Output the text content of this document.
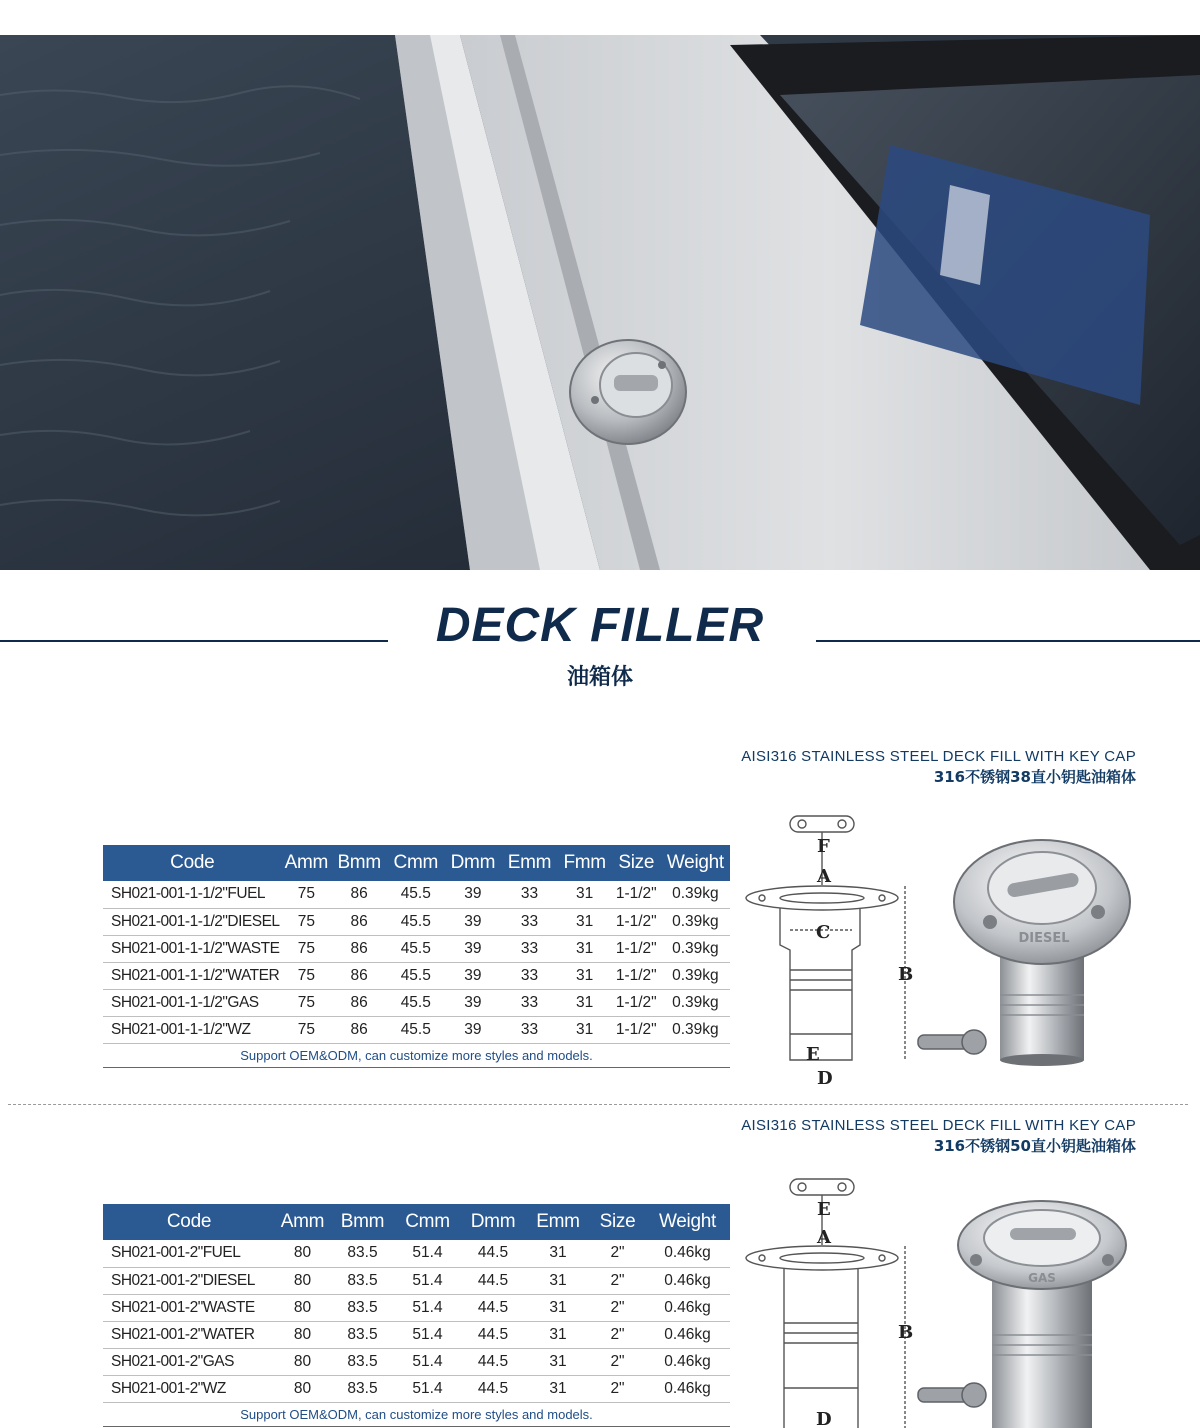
DECK FILLER
油箱体
AISI316 STAINLESS STEEL DECK FILL WITH KEY CAP
316不锈钢38直小钥匙油箱体
Code	Amm	Bmm	Cmm	Dmm	Emm	Fmm	Size	Weight
SH021-001-1-1/2"FUEL	75	86	45.5	39	33	31	1-1/2"	0.39kg
SH021-001-1-1/2"DIESEL	75	86	45.5	39	33	31	1-1/2"	0.39kg
SH021-001-1-1/2"WASTE	75	86	45.5	39	33	31	1-1/2"	0.39kg
SH021-001-1-1/2"WATER	75	86	45.5	39	33	31	1-1/2"	0.39kg
SH021-001-1-1/2"GAS	75	86	45.5	39	33	31	1-1/2"	0.39kg
SH021-001-1-1/2"WZ	75	86	45.5	39	33	31	1-1/2"	0.39kg
Support OEM&ODM, can customize more styles and models.								
F
A
C
B
E
D
DIESEL
AISI316 STAINLESS STEEL DECK FILL WITH KEY CAP
316不锈钢50直小钥匙油箱体
Code	Amm	Bmm	Cmm	Dmm	Emm	Size	Weight
SH021-001-2"FUEL	80	83.5	51.4	44.5	31	2"	0.46kg
SH021-001-2"DIESEL	80	83.5	51.4	44.5	31	2"	0.46kg
SH021-001-2"WASTE	80	83.5	51.4	44.5	31	2"	0.46kg
SH021-001-2"WATER	80	83.5	51.4	44.5	31	2"	0.46kg
SH021-001-2"GAS	80	83.5	51.4	44.5	31	2"	0.46kg
SH021-001-2"WZ	80	83.5	51.4	44.5	31	2"	0.46kg
Support OEM&ODM, can customize more styles and models.							
E
A
B
D
GAS
